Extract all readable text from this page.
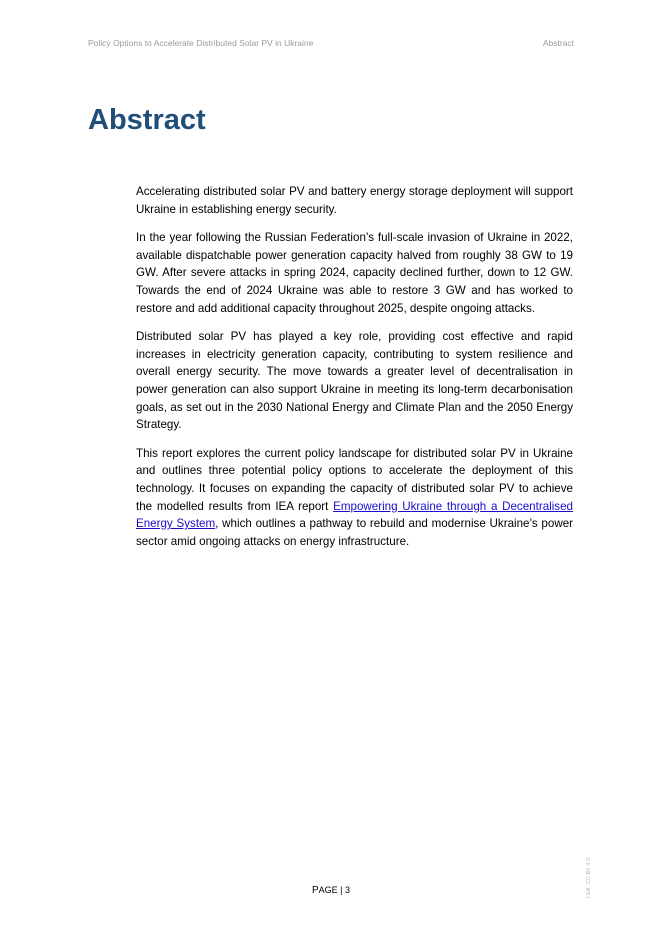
Policy Options to Accelerate Distributed Solar PV in Ukraine	Abstract
Abstract

Accelerating distributed solar PV and battery energy storage deployment will support Ukraine in establishing energy security.

In the year following the Russian Federation’s full-scale invasion of Ukraine in 2022, available dispatchable power generation capacity halved from roughly 38 GW to 19 GW. After severe attacks in spring 2024, capacity declined further, down to 12 GW. Towards the end of 2024 Ukraine was able to restore 3 GW and has worked to restore and add additional capacity throughout 2025, despite ongoing attacks.

Distributed solar PV has played a key role, providing cost effective and rapid increases in electricity generation capacity, contributing to system resilience and overall energy security. The move towards a greater level of decentralisation in power generation can also support Ukraine in meeting its long-term decarbonisation goals, as set out in the 2030 National Energy and Climate Plan and the 2050 Energy Strategy.

This report explores the current policy landscape for distributed solar PV in Ukraine and outlines three potential policy options to accelerate the deployment of this technology. It focuses on expanding the capacity of distributed solar PV to achieve the modelled results from IEA report Empowering Ukraine through a Decentralised Energy System, which outlines a pathway to rebuild and modernise Ukraine’s power sector amid ongoing attacks on energy infrastructure.

I EA. CC BY 4.0.
PAGE | 3
